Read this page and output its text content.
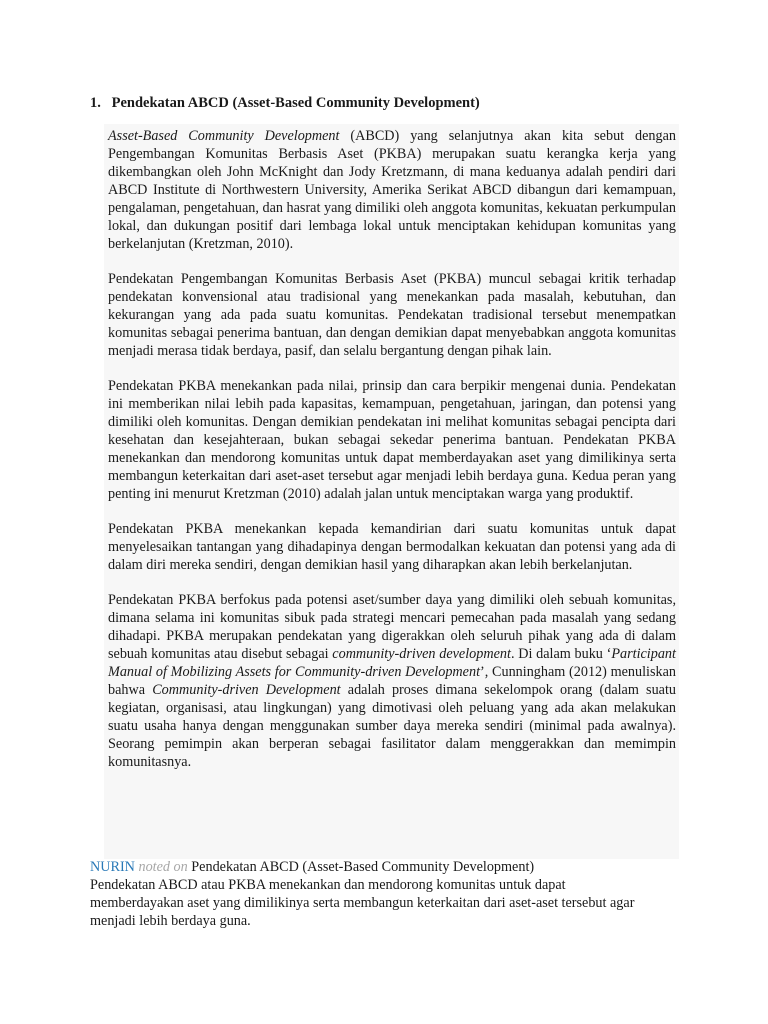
1. Pendekatan ABCD (Asset-Based Community Development)

Asset-Based Community Development (ABCD) yang selanjutnya akan kita sebut dengan Pengembangan Komunitas Berbasis Aset (PKBA) merupakan suatu kerangka kerja yang dikembangkan oleh John McKnight dan Jody Kretzmann, di mana keduanya adalah pendiri dari ABCD Institute di Northwestern University, Amerika Serikat ABCD dibangun dari kemampuan, pengalaman, pengetahuan, dan hasrat yang dimiliki oleh anggota komunitas, kekuatan perkumpulan lokal, dan dukungan positif dari lembaga lokal untuk menciptakan kehidupan komunitas yang berkelanjutan (Kretzman, 2010).

Pendekatan Pengembangan Komunitas Berbasis Aset (PKBA) muncul sebagai kritik terhadap pendekatan konvensional atau tradisional yang menekankan pada masalah, kebutuhan, dan kekurangan yang ada pada suatu komunitas. Pendekatan tradisional tersebut menempatkan komunitas sebagai penerima bantuan, dan dengan demikian dapat menyebabkan anggota komunitas menjadi merasa tidak berdaya, pasif, dan selalu bergantung dengan pihak lain.

Pendekatan PKBA menekankan pada nilai, prinsip dan cara berpikir mengenai dunia. Pendekatan ini memberikan nilai lebih pada kapasitas, kemampuan, pengetahuan, jaringan, dan potensi yang dimiliki oleh komunitas. Dengan demikian pendekatan ini melihat komunitas sebagai pencipta dari kesehatan dan kesejahteraan, bukan sebagai sekedar penerima bantuan. Pendekatan PKBA menekankan dan mendorong komunitas untuk dapat memberdayakan aset yang dimilikinya serta membangun keterkaitan dari aset-aset tersebut agar menjadi lebih berdaya guna. Kedua peran yang penting ini menurut Kretzman (2010) adalah jalan untuk menciptakan warga yang produktif.

Pendekatan PKBA menekankan kepada kemandirian dari suatu komunitas untuk dapat menyelesaikan tantangan yang dihadapinya dengan bermodalkan kekuatan dan potensi yang ada di dalam diri mereka sendiri, dengan demikian hasil yang diharapkan akan lebih berkelanjutan.

Pendekatan PKBA berfokus pada potensi aset/sumber daya yang dimiliki oleh sebuah komunitas, dimana selama ini komunitas sibuk pada strategi mencari pemecahan pada masalah yang sedang dihadapi. PKBA merupakan pendekatan yang digerakkan oleh seluruh pihak yang ada di dalam sebuah komunitas atau disebut sebagai community-driven development. Di dalam buku ‘Participant Manual of Mobilizing Assets for Community-driven Development’, Cunningham (2012) menuliskan bahwa Community-driven Development adalah proses dimana sekelompok orang (dalam suatu kegiatan, organisasi, atau lingkungan) yang dimotivasi oleh peluang yang ada akan melakukan suatu usaha hanya dengan menggunakan sumber daya mereka sendiri (minimal pada awalnya). Seorang pemimpin akan berperan sebagai fasilitator dalam menggerakkan dan memimpin komunitasnya.

NURIN noted on Pendekatan ABCD (Asset-Based Community Development)

Pendekatan ABCD atau PKBA menekankan dan mendorong komunitas untuk dapat memberdayakan aset yang dimilikinya serta membangun keterkaitan dari aset-aset tersebut agar menjadi lebih berdaya guna.
